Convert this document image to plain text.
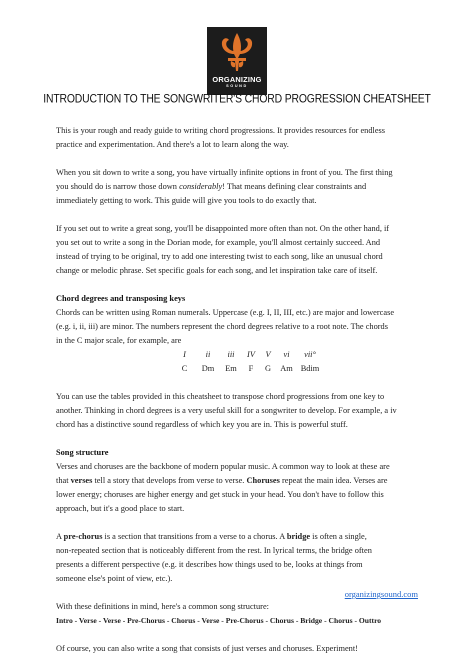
ORGANIZING
SOUND
INTRODUCTION TO THE SONGWRITER'S CHORD PROGRESSION CHEATSHEET

This is your rough and ready guide to writing chord progressions. It provides resources for endless
practice and experimentation. And there's a lot to learn along the way.

When you sit down to write a song, you have virtually infinite options in front of you. The first thing
you should do is narrow those down considerably! That means defining clear constraints and
immediately getting to work. This guide will give you tools to do exactly that.

If you set out to write a great song, you'll be disappointed more often than not. On the other hand, if
you set out to write a song in the Dorian mode, for example, you'll almost certainly succeed. And
instead of trying to be original, try to add one interesting twist to each song, like an unusual chord
change or melodic phrase. Set specific goals for each song, and let inspiration take care of itself.

Chord degrees and transposing keys

Chords can be written using Roman numerals. Uppercase (e.g. I, II, III, etc.) are major and lowercase
(e.g. i, ii, iii) are minor. The numbers represent the chord degrees relative to a root note. The chords
in the C major scale, for example, are

I	ii	iii	IV	V	vi	vii°
C	Dm	Em	F	G	Am Bdim

You can use the tables provided in this cheatsheet to transpose chord progressions from one key to
another. Thinking in chord degrees is a very useful skill for a songwriter to develop. For example, a iv
chord has a distinctive sound regardless of which key you are in. This is powerful stuff.

Song structure

Verses and choruses are the backbone of modern popular music. A common way to look at these are
that verses tell a story that develops from verse to verse. Choruses repeat the main idea. Verses are
lower energy; choruses are higher energy and get stuck in your head. You don't have to follow this
approach, but it's a good place to start.

A pre-chorus is a section that transitions from a verse to a chorus. A bridge is often a single,
non-repeated section that is noticeably different from the rest. In lyrical terms, the bridge often
presents a different perspective (e.g. it describes how things used to be, looks at things from
someone else's point of view, etc.).

With these definitions in mind, here's a common song structure:
Intro - Verse - Verse - Pre-Chorus - Chorus - Verse - Pre-Chorus - Chorus - Bridge - Chorus - Outtro

Of course, you can also write a song that consists of just verses and choruses. Experiment!

organizingsound.com
